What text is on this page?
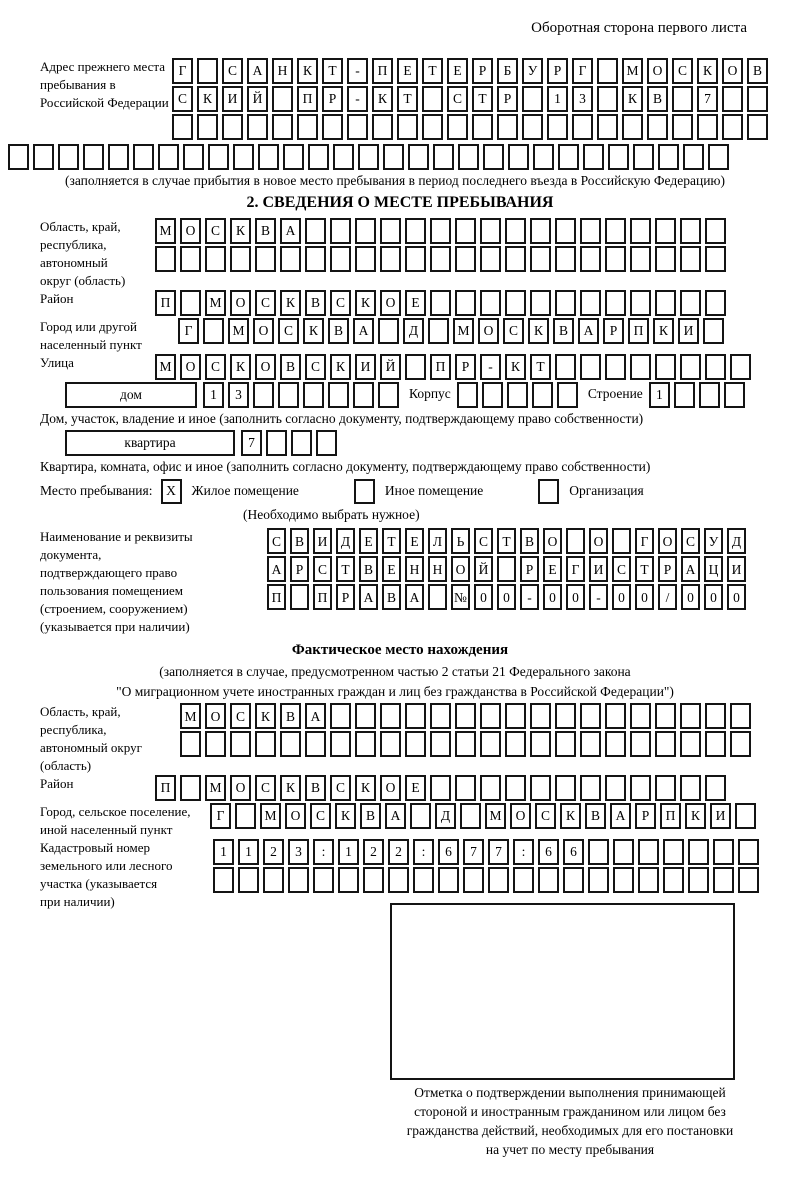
Оборотная сторона первого листа
Адрес прежнего места пребывания в Российской Федерации
Г	С	А	Н	К	Т	-	П	Е	Т	Е	Р	Б	У	Р	Г	М	О	С	К	О	В
С	К	И	Й	П	Р	-	К	Т	С	Т	Р	1	3	К	В	7
(заполняется в случае прибытия в новое место пребывания в период последнего въезда в Российскую Федерацию)
2. СВЕДЕНИЯ О МЕСТЕ ПРЕБЫВАНИЯ
Область, край, республика, автономный округ (область)
М	О	С	К	В	А
Район	П	М	О	С	К	В	С	К	О	Е
Город или другой населенный пункт
Г	М	О	С	К	В	А	Д	М	О	С	К	В	А	Р	П	К	И
Улица	М	О	С	К	О	В	С	К	И	Й	П	Р	-	К	Т
дом	1	3	Корпус	Строение 1
Дом, участок, владение и иное (заполнить согласно документу, подтверждающему право собственности)
квартира	7
Квартира, комната, офис и иное (заполнить согласно документу, подтверждающему право собственности)
Место пребывания:	X	Жилое помещение	Иное помещение	Организация
(Необходимо выбрать нужное)
Наименование и реквизиты документа, подтверждающего право пользования помещением (строением, сооружением) (указывается при наличии)
С	В	И	Д	Е	Т	Е	Л	Ь	С	Т	В	О	О	Г	О	С	У	Д
А	Р	С	Т	В	Е	Н Н О Й	Р	Е	Г	И	С	Т	Р	А Ц И
П	П	Р	А	В	А	№ 0	0	-	0	0	-	0	0	/	0	0	0
Фактическое место нахождения
(заполняется в случае, предусмотренном частью 2 статьи 21 Федерального закона
"О миграционном учете иностранных граждан и лиц без гражданства в Российской Федерации")
Область, край, республика, автономный округ (область)
М	О	С	К	В	А
Район	П	М	О	С	К	В	С	К	О	Е
Город, сельское поселение, иной населенный пункт
Г	М	О	С	К	В	А	Д	М	О	С	К	В	А	Р	П	К	И
Кадастровый номер земельного или лесного участка (указывается при наличии)
1	1	2	3	:	1	2	2	:	6	7	7	:	6	6
Отметка о подтверждении выполнения принимающей стороной и иностранным гражданином или лицом без гражданства действий, необходимых для его постановки на учет по месту пребывания
